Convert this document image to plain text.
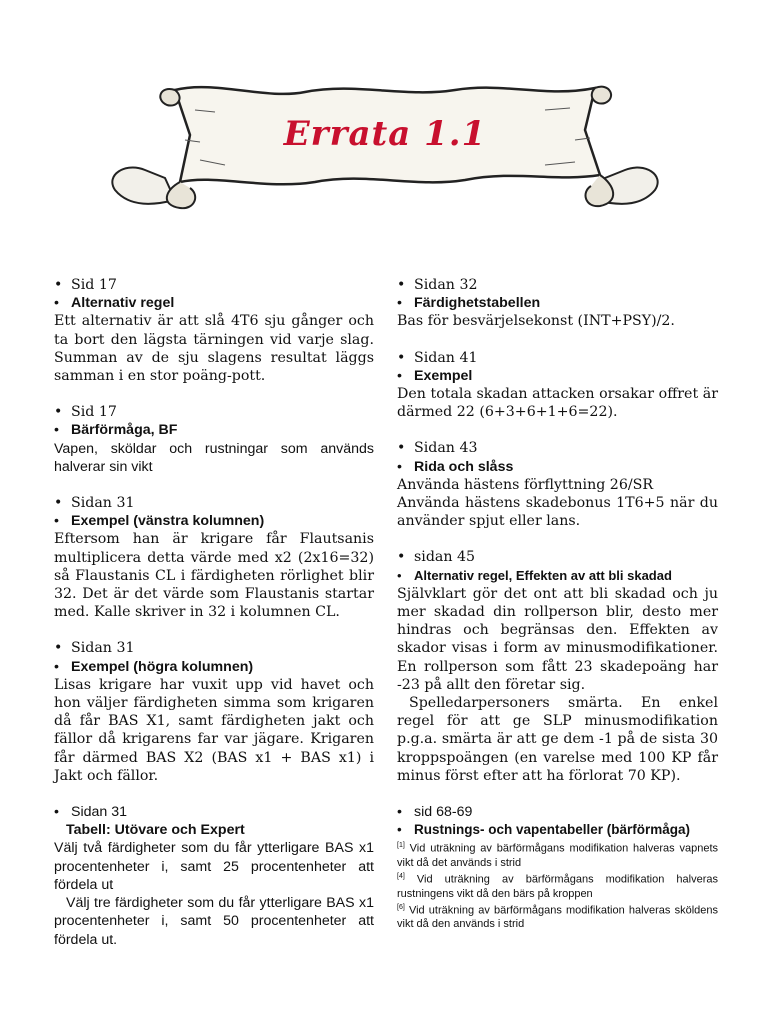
Errata 1.1
• Sid 17
• Alternativ regel
Ett alternativ är att slå 4T6 sju gånger och ta bort den lägsta tärningen vid varje slag. Summan av de sju slagens resultat läggs samman i en stor poäng-pott.
• Sid 17
• Bärförmåga, BF
Vapen, sköldar och rustningar som används halverar sin vikt
• Sidan 31
• Exempel (vänstra kolumnen)
Eftersom han är krigare får Flautsanis multiplicera detta värde med x2 (2x16=32) så Flaustanis CL i färdigheten rörlighet blir 32. Det är det värde som Flaustanis startar med. Kalle skriver in 32 i kolumnen CL.
• Sidan 31
• Exempel (högra kolumnen)
Lisas krigare har vuxit upp vid havet och hon väljer färdigheten simma som krigaren då får BAS X1, samt färdigheten jakt och fällor då krigarens far var jägare. Krigaren får därmed BAS X2 (BAS x1 + BAS x1) i Jakt och fällor.
• Sidan 31
Tabell: Utövare och Expert
Välj två färdigheter som du får ytterligare BAS x1 procentenheter i, samt 25 procentenheter att fördela ut
Välj tre färdigheter som du får ytterligare BAS x1 procentenheter i, samt 50 procentenheter att fördela ut.
• Sidan 32
• Färdighetstabellen
Bas för besvärjelsekonst (INT+PSY)/2.
• Sidan 41
• Exempel
Den totala skadan attacken orsakar offret är därmed 22 (6+3+6+1+6=22).
• Sidan 43
• Rida och slåss
Använda hästens förflyttning 26/SR
Använda hästens skadebonus 1T6+5 när du använder spjut eller lans.
• sidan 45
• Alternativ regel, Effekten av att bli skadad
Självklart gör det ont att bli skadad och ju mer skadad din rollperson blir, desto mer hindras och begränsas den. Effekten av skador visas i form av minusmodifikationer. En rollperson som fått 23 skadepoäng har -23 på allt den företar sig.
Spelledarpersoners smärta. En enkel regel för att ge SLP minusmodifikation p.g.a. smärta är att ge dem -1 på de sista 30 kroppspoängen (en varelse med 100 KP får minus först efter att ha förlorat 70 KP).
• sid 68-69
• Rustnings- och vapentabeller (bärförmåga)
[1] Vid uträkning av bärförmågans modifikation halveras vapnets vikt då det används i strid
[4] Vid uträkning av bärförmågans modifikation halveras rustningens vikt då den bärs på kroppen
[6] Vid uträkning av bärförmågans modifikation halveras sköldens vikt då den används i strid
